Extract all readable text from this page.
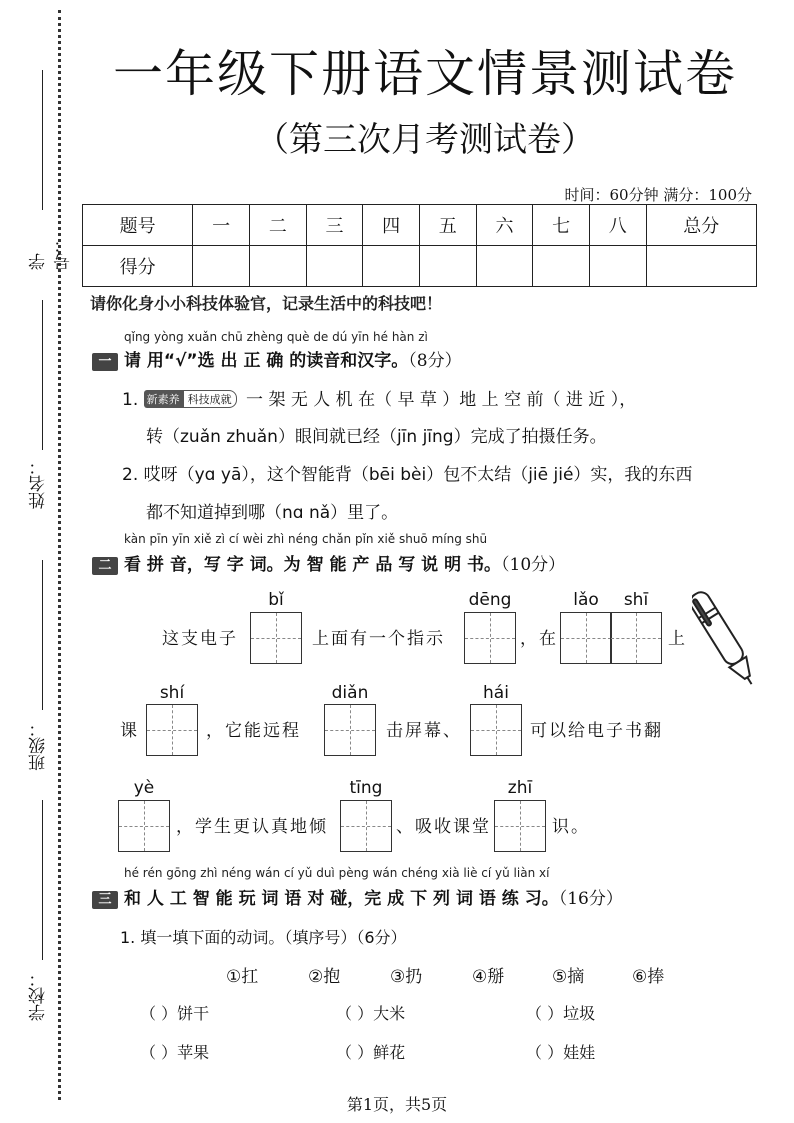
学号：
姓名：
班级：
学校：
一年级下册语文情景测试卷
（第三次月考测试卷）
时间：60分钟 满分：100分
题号	一	二	三	四	五	六	七	八	总分
得分									
请你化身小小科技体验官，记录生活中的科技吧！
qǐng yòng xuǎn chū zhèng què de dú yīn hé hàn zì
一 请 用“√”选 出 正 确 的读音和汉字。（8分）
1. 新素养 科技成就 一 架 无 人 机 在（ 早 草 ）地 上 空 前（ 进 近 ），
转（zuǎn zhuǎn）眼间就已经（jīn jīng）完成了拍摄任务。
2. 哎呀（yɑ yā），这个智能背（bēi bèi）包不太结（jiē jié）实，我的东西
都不知道掉到哪（nɑ nǎ）里了。
kàn pīn yīn xiě zì cí wèi zhì néng chǎn pǐn xiě shuō míng shū
二 看 拼 音，写 字 词。为 智 能 产 品 写 说 明 书。（10分）
bǐ
这支电子	上面有一个指示
dēng
，在
lǎo	shī
上
课
shí
，它能远程
diǎn
击屏幕、
hái
可以给电子书翻
yè
，学生更认真地倾
tīng
、吸收课堂
zhī
识。
hé rén gōng zhì néng wán cí yǔ duì pèng wán chéng xià liè cí yǔ liàn xí
三 和 人 工 智 能 玩 词 语 对 碰，完 成 下 列 词 语 练 习。（16分）
1. 填一填下面的动词。（填序号）（6分）
①扛	②抱	③扔	④掰	⑤摘	⑥捧
（ ）饼干	（ ）大米	（ ）垃圾
（ ）苹果	（ ）鲜花	（ ）娃娃
第1页，共5页
